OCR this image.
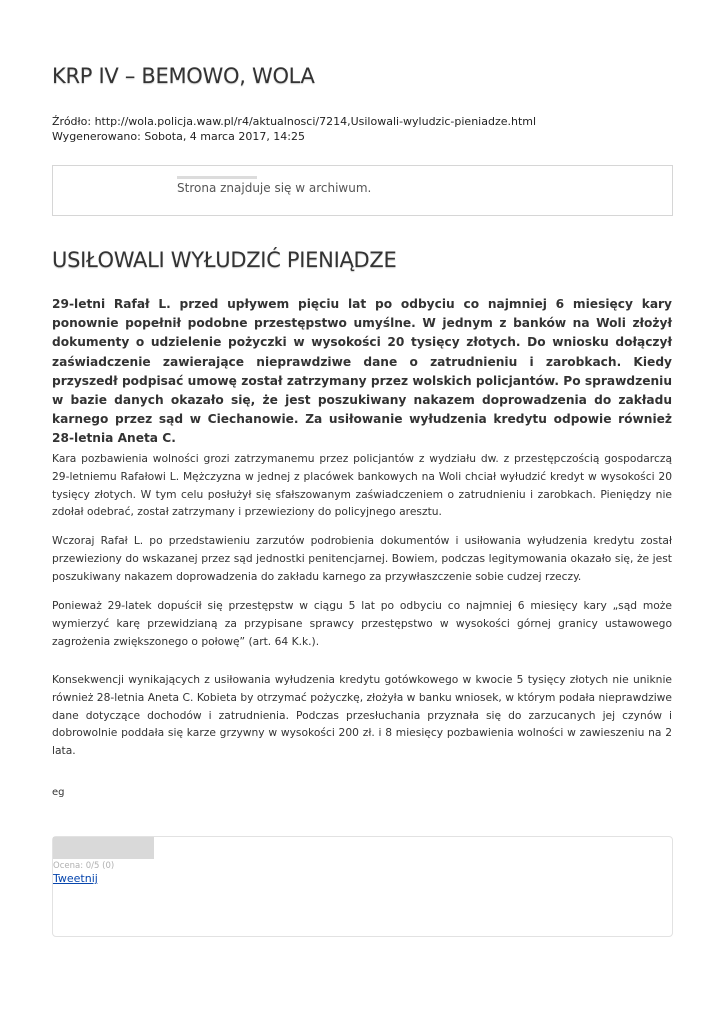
KRP IV – BEMOWO, WOLA
Źródło: http://wola.policja.waw.pl/r4/aktualnosci/7214,Usilowali-wyludzic-pieniadze.html
Wygenerowano: Sobota, 4 marca 2017, 14:25
Strona znajduje się w archiwum.
USIŁOWALI WYŁUDZIĆ PIENIĄDZE

29-letni Rafał L. przed upływem pięciu lat po odbyciu co najmniej 6 miesięcy kary ponownie popełnił podobne przestępstwo umyślne. W jednym z banków na Woli złożył dokumenty o udzielenie pożyczki w wysokości 20 tysięcy złotych. Do wniosku dołączył zaświadczenie zawierające nieprawdziwe dane o zatrudnieniu i zarobkach. Kiedy przyszedł podpisać umowę został zatrzymany przez wolskich policjantów. Po sprawdzeniu w bazie danych okazało się, że jest poszukiwany nakazem doprowadzenia do zakładu karnego przez sąd w Ciechanowie. Za usiłowanie wyłudzenia kredytu odpowie również 28-letnia Aneta C.

Kara pozbawienia wolności grozi zatrzymanemu przez policjantów z wydziału dw. z przestępczością gospodarczą 29-letniemu Rafałowi L. Mężczyzna w jednej z placówek bankowych na Woli chciał wyłudzić kredyt w wysokości 20 tysięcy złotych. W tym celu posłużył się sfałszowanym zaświadczeniem o zatrudnieniu i zarobkach. Pieniędzy nie zdołał odebrać, został zatrzymany i przewieziony do policyjnego aresztu.

Wczoraj Rafał L. po przedstawieniu zarzutów podrobienia dokumentów i usiłowania wyłudzenia kredytu został przewieziony do wskazanej przez sąd jednostki penitencjarnej. Bowiem, podczas legitymowania okazało się, że jest poszukiwany nakazem doprowadzenia do zakładu karnego za przywłaszczenie sobie cudzej rzeczy.

Ponieważ 29-latek dopuścił się przestępstw w ciągu 5 lat po odbyciu co najmniej 6 miesięcy kary „sąd może wymierzyć karę przewidzianą za przypisane sprawcy przestępstwo w wysokości górnej granicy ustawowego zagrożenia zwiększonego o połowę” (art. 64 K.k.).

Konsekwencji wynikających z usiłowania wyłudzenia kredytu gotówkowego w kwocie 5 tysięcy złotych nie uniknie również 28-letnia Aneta C. Kobieta by otrzymać pożyczkę, złożyła w banku wniosek, w którym podała nieprawdziwe dane dotyczące dochodów i zatrudnienia. Podczas przesłuchania przyznała się do zarzucanych jej czynów i dobrowolnie poddała się karze grzywny w wysokości 200 zł. i 8 miesięcy pozbawienia wolności w zawieszeniu na 2 lata.

eg
Ocena: 0/5 (0)
Tweetnij
